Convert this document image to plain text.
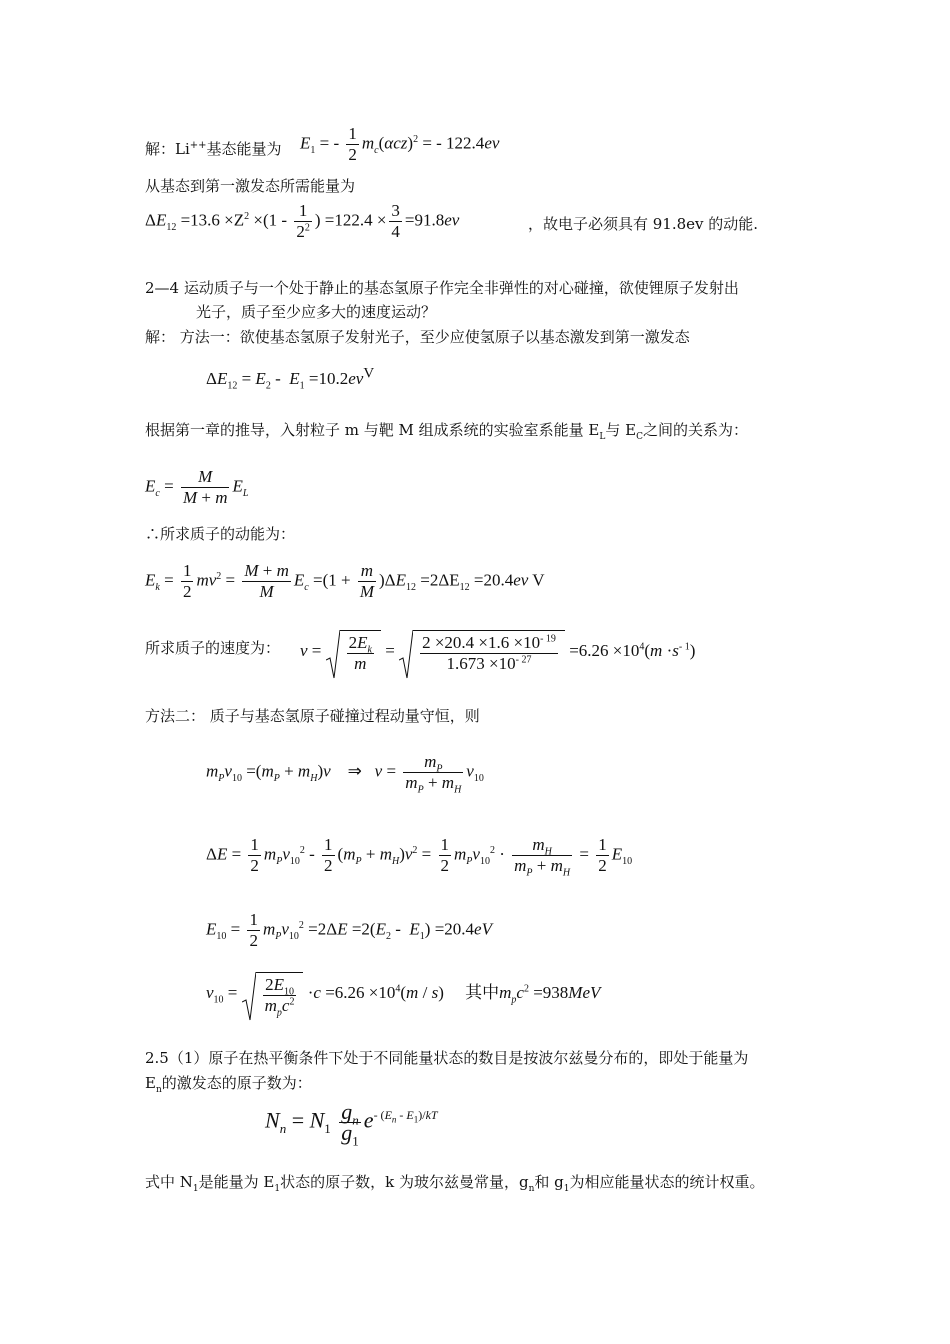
解：Li++基态能量为 $E_1$ = - $\frac{1}{2} m_c(\alpha cz)^2$ = - 122.4ev
从基态到第一激发态所需能量为
$\Delta E_{12} =13.6 \times Z^2 \times(1 - \frac{1}{2^2}$ ) $=122.4 \times \frac{3}{4} =91.8ev$	，故电子必须具有 91.8ev 的动能.
2—4 运动质子与一个处于静止的基态氢原子作完全非弹性的对心碰撞，欲使锂原子发射出
光子，质子至少应多大的速度运动？
解： 方法一：欲使基态氢原子发射光子，至少应使氢原子以基态激发到第一激发态
$\Delta E_{12} = E_2 - E_1 =10.2ev^V$
根据第一章的推导，入射粒子 m 与靶 M 组成系统的实验室系能量 $E_L$与 $E_C$之间的关系为：
$E_c = \frac{M}{M + m} E_L$
∴所求质子的动能为：
$E_k = \frac{1}{2} mv^2 = \frac{M + m}{M} E_c =(1 + \frac{m}{M} )\Delta E_{12} =2\Delta E_{12} =20.4ev$ V
所求质子的速度为： $v = \frac{2E_k}{m} = \frac{2 \times 20.4 \times 1.6 \times 10^{- 19}}{1.673 \times 10^{- 27}} =6.26 \times 10^4(m \cdot s^{- 1})$
方法二： 质子与基态氢原子碰撞过程动量守恒，则
$m_Pv_{10} =(m_P + m_H)v$    ⇒   $v = \frac{m_P}{m_P + m_H} v_{10}$
$\Delta E = \frac{1}{2} m_Pv_{10}^2 - \frac{1}{2} (m_P + m_H)v^2 = \frac{1}{2} m_Pv_{10}^2 \cdot \frac{m_H}{m_P + m_H} = \frac{1}{2} E_{10}$
$E_{10} = \frac{1}{2} m_Pv_{10}^2 =2\Delta E =2(E_2 - E_1) =20.4eV$
$v_{10} = \frac{2E_{10}}{m_pc^2} \cdot c =6.26 \times 10^4(m / s)$     其中$m_pc^2 =938MeV$
2.5（1）原子在热平衡条件下处于不同能量状态的数目是按波尔兹曼分布的，即处于能量为
$E_n$的激发态的原子数为：
$N_n = N_1 \frac{g_n}{g_1} e^{- (E_n - E_1)/kT}$
式中 $N_1$是能量为 $E_1$状态的原子数，k 为玻尔兹曼常量，$g_n$和 $g_1$为相应能量状态的统计权重。
